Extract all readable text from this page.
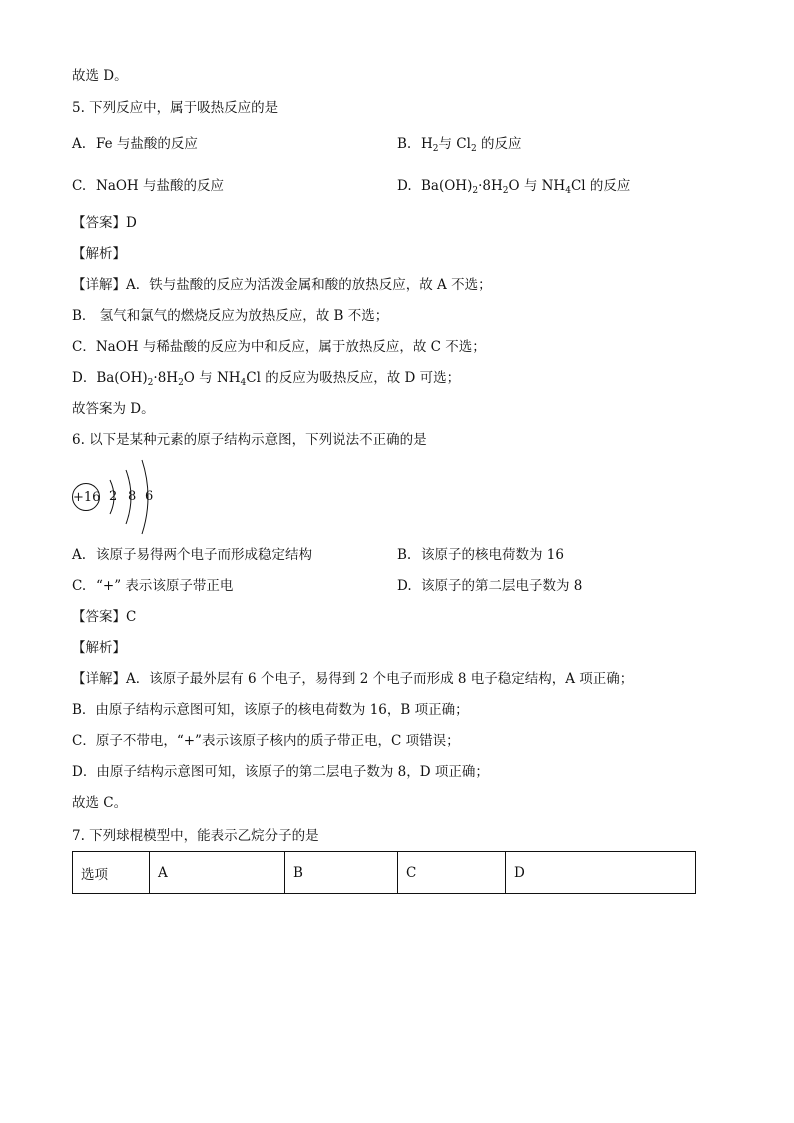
故选 D。
5. 下列反应中，属于吸热反应的是
A. Fe 与盐酸的反应	B. $H_2$与 $Cl_2$ 的反应
C. NaOH 与盐酸的反应	D. $Ba(OH)_2\cdot 8H_2O$ 与 $NH_4Cl$ 的反应
【答案】D
【解析】
【详解】A．铁与盐酸的反应为活泼金属和酸的放热反应，故 A 不选；
B． 氢气和氯气的燃烧反应为放热反应，故 B 不选；
C．NaOH 与稀盐酸的反应为中和反应，属于放热反应，故 C 不选；
D．$Ba(OH)_2\cdot 8H_2O$ 与 $NH_4Cl$ 的反应为吸热反应，故 D 可选；
故答案为 D。
6. 以下是某种元素的原子结构示意图，下列说法不正确的是
+16 2 8 6
A. 该原子易得两个电子而形成稳定结构	B. 该原子的核电荷数为 16
C. “+” 表示该原子带正电	D. 该原子的第二层电子数为 8
【答案】C
【解析】
【详解】A．该原子最外层有 6 个电子，易得到 2 个电子而形成 8 电子稳定结构，A 项正确；
B．由原子结构示意图可知，该原子的核电荷数为 16，B 项正确；
C．原子不带电，“+”表示该原子核内的质子带正电，C 项错误；
D．由原子结构示意图可知，该原子的第二层电子数为 8，D 项正确；
故选 C。
7. 下列球棍模型中，能表示乙烷分子的是
选项	A	B	C	D
